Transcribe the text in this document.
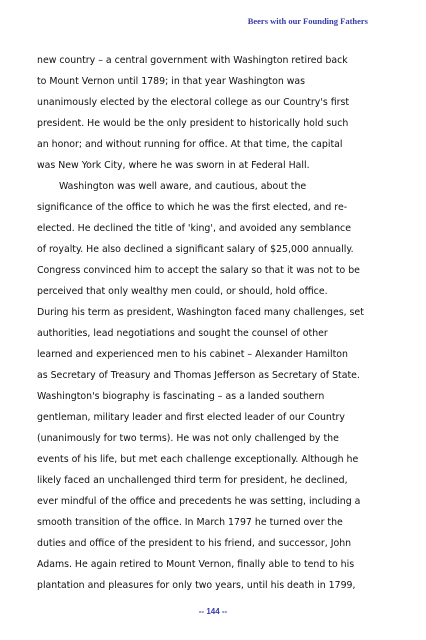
Beers with our Founding Fathers
new country – a central government with Washington retired back
to Mount Vernon until 1789; in that year Washington was
unanimously elected by the electoral college as our Country's first
president. He would be the only president to historically hold such
an honor; and without running for office. At that time, the capital
was New York City, where he was sworn in at Federal Hall.
Washington was well aware, and cautious, about the
significance of the office to which he was the first elected, and re-
elected. He declined the title of 'king', and avoided any semblance
of royalty. He also declined a significant salary of $25,000 annually.
Congress convinced him to accept the salary so that it was not to be
perceived that only wealthy men could, or should, hold office.
During his term as president, Washington faced many challenges, set
authorities, lead negotiations and sought the counsel of other
learned and experienced men to his cabinet – Alexander Hamilton
as Secretary of Treasury and Thomas Jefferson as Secretary of State.
Washington's biography is fascinating – as a landed southern
gentleman, military leader and first elected leader of our Country
(unanimously for two terms). He was not only challenged by the
events of his life, but met each challenge exceptionally. Although he
likely faced an unchallenged third term for president, he declined,
ever mindful of the office and precedents he was setting, including a
smooth transition of the office. In March 1797 he turned over the
duties and office of the president to his friend, and successor, John
Adams. He again retired to Mount Vernon, finally able to tend to his
plantation and pleasures for only two years, until his death in 1799,
-- 144 --
